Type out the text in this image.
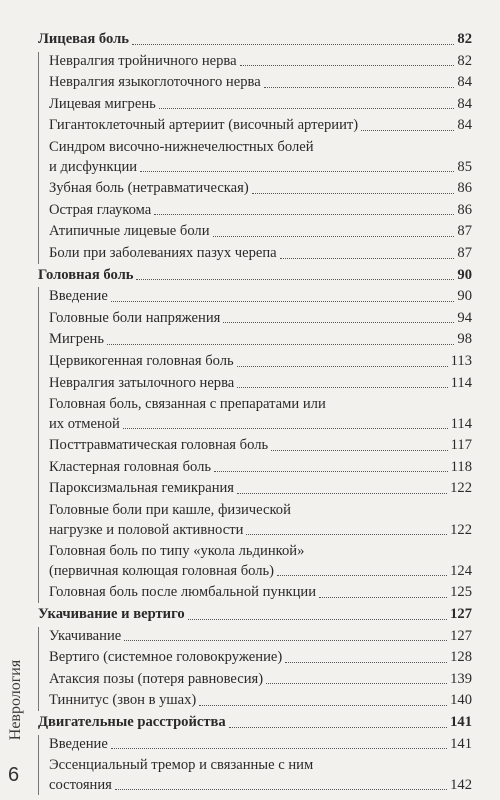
Неврология
6
Лицевая боль	82
Невралгия тройничного нерва	82
Невралгия языкоглоточного нерва	84
Лицевая мигрень	84
Гигантоклеточный артериит (височный артериит)	84
Синдром височно-нижнечелюстных болей
и дисфункции	85
Зубная боль (нетравматическая)	86
Острая глаукома	86
Атипичные лицевые боли	87
Боли при заболеваниях пазух черепа	87
Головная боль	90
Введение	90
Головные боли напряжения	94
Мигрень	98
Цервикогенная головная боль	113
Невралгия затылочного нерва	114
Головная боль, связанная с препаратами или
их отменой	114
Посттравматическая головная боль	117
Кластерная головная боль	118
Пароксизмальная гемикрания	122
Головные боли при кашле, физической
нагрузке и половой активности	122
Головная боль по типу «укола льдинкой»
(первичная колющая головная боль)	124
Головная боль после люмбальной пункции	125
Укачивание и вертиго	127
Укачивание	127
Вертиго (системное головокружение)	128
Атаксия позы (потеря равновесия)	139
Тиннитус (звон в ушах)	140
Двигательные расстройства	141
Введение	141
Эссенциальный тремор и связанные с ним
состояния	142
